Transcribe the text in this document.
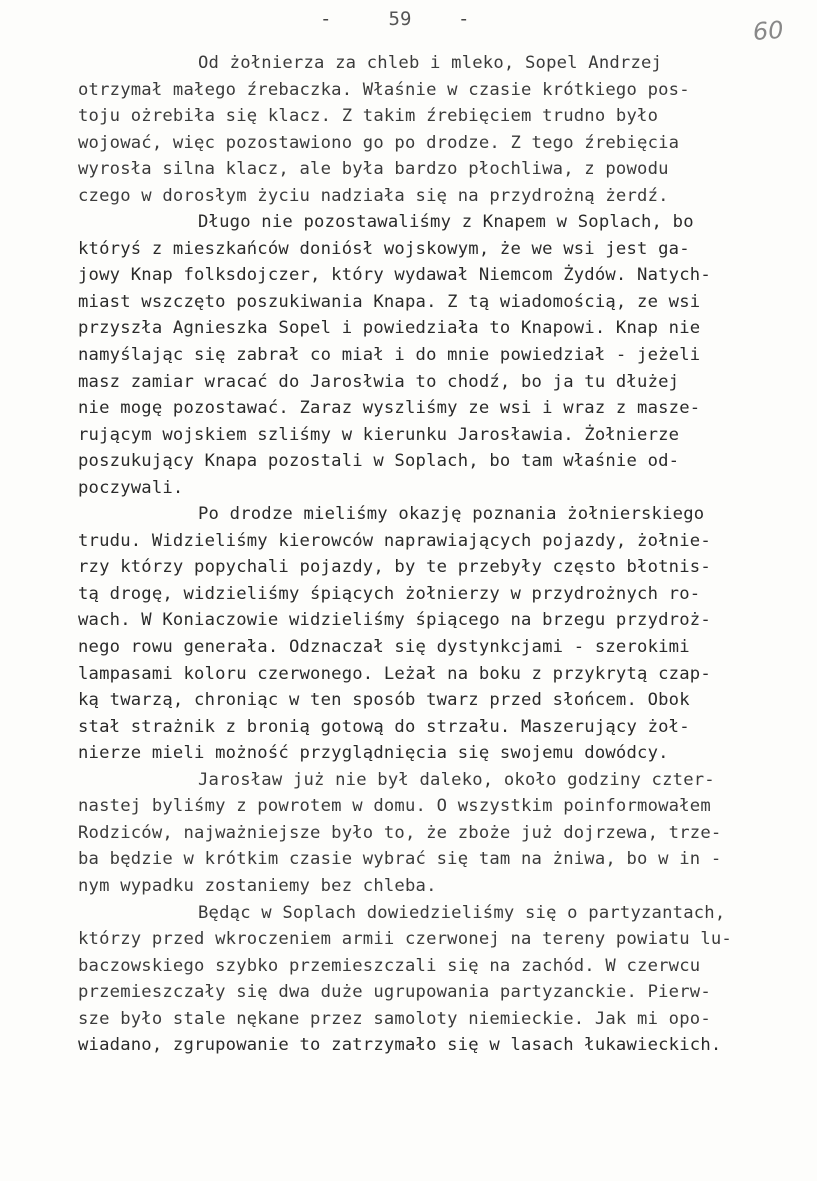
-	59	-	60
Od żołnierza za chleb i mleko, Sopel Andrzej
otrzymał małego źrebaczka. Właśnie w czasie krótkiego pos-
toju ożrebiła się klacz. Z takim źrebięciem trudno było
wojować, więc pozostawiono go po drodze. Z tego źrebięcia
wyrosła silna klacz, ale była bardzo płochliwa, z powodu
czego w dorosłym życiu nadziała się na przydrożną żerdź.
Długo nie pozostawaliśmy z Knapem w Soplach, bo
któryś z mieszkańców doniósł wojskowym, że we wsi jest ga-
jowy Knap folksdojczer, który wydawał Niemcom Żydów. Natych-
miast wszczęto poszukiwania Knapa. Z tą wiadomością, ze wsi
przyszła Agnieszka Sopel i powiedziała to Knapowi. Knap nie
namyślając się zabrał co miał i do mnie powiedział - jeżeli
masz zamiar wracać do Jarosłwia to chodź, bo ja tu dłużej
nie mogę pozostawać. Zaraz wyszliśmy ze wsi i wraz z masze-
rującym wojskiem szliśmy w kierunku Jarosławia. Żołnierze
poszukujący Knapa pozostali w Soplach, bo tam właśnie od-
poczywali.
Po drodze mieliśmy okazję poznania żołnierskiego
trudu. Widzieliśmy kierowców naprawiających pojazdy, żołnie-
rzy którzy popychali pojazdy, by te przebyły często błotnis-
tą drogę, widzieliśmy śpiących żołnierzy w przydrożnych ro-
wach. W Koniaczowie widzieliśmy śpiącego na brzegu przydroż-
nego rowu generała. Odznaczał się dystynkcjami - szerokimi
lampasami koloru czerwonego. Leżał na boku z przykrytą czap-
ką twarzą, chroniąc w ten sposób twarz przed słońcem. Obok
stał strażnik z bronią gotową do strzału. Maszerujący żoł-
nierze mieli możność przyglądnięcia się swojemu dowódcy.
Jarosław już nie był daleko, około godziny czter-
nastej byliśmy z powrotem w domu. O wszystkim poinformowałem
Rodziców, najważniejsze było to, że zboże już dojrzewa, trze-
ba będzie w krótkim czasie wybrać się tam na żniwa, bo w in -
nym wypadku zostaniemy bez chleba.
Będąc w Soplach dowiedzieliśmy się o partyzantach,
którzy przed wkroczeniem armii czerwonej na tereny powiatu lu-
baczowskiego szybko przemieszczali się na zachód. W czerwcu
przemieszczały się dwa duże ugrupowania partyzanckie. Pierw-
sze było stale nękane przez samoloty niemieckie. Jak mi opo-
wiadano, zgrupowanie to zatrzymało się w lasach łukawieckich.
